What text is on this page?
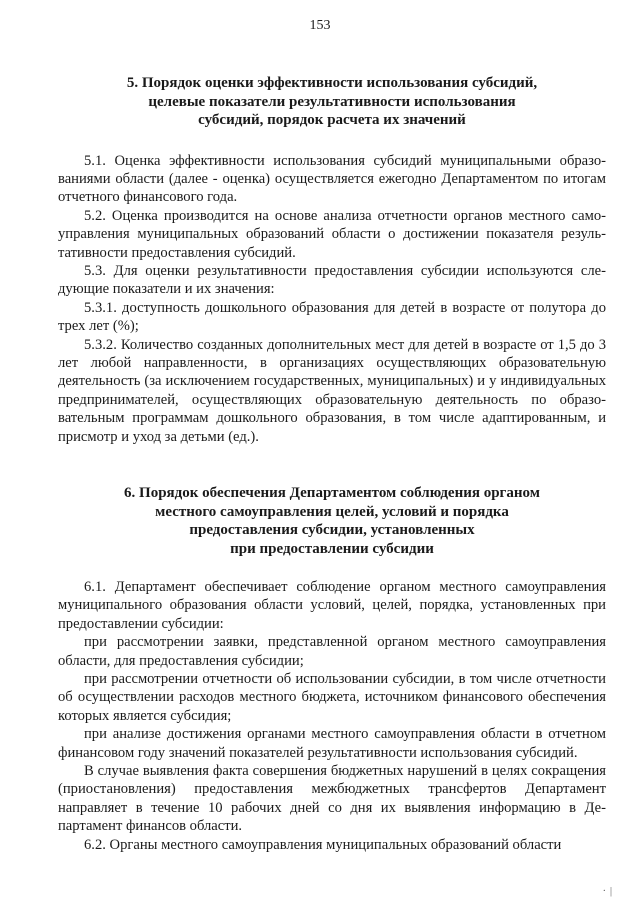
153
5. Порядок оценки эффективности использования субсидий,
целевые показатели результативности использования
субсидий, порядок расчета их значений

5.1. Оценка эффективности использования субсидий муниципальными образованиями области (далее - оценка) осуществляется ежегодно Департаментом по итогам отчетного финансового года.

5.2. Оценка производится на основе анализа отчетности органов местного самоуправления муниципальных образований области о достижении показателя результативности предоставления субсидий.

5.3. Для оценки результативности предоставления субсидии используются следующие показатели и их значения:

5.3.1. доступность дошкольного образования для детей в возрасте от полутора до трех лет (%);

5.3.2. Количество созданных дополнительных мест для детей в возрасте от 1,5 до 3 лет любой направленности, в организациях осуществляющих образовательную деятельность (за исключением государственных, муниципальных) и у индивидуальных предпринимателей, осуществляющих образовательную деятельность по образовательным программам дошкольного образования, в том числе адаптированным, и присмотр и уход за детьми (ед.).

6. Порядок обеспечения Департаментом соблюдения органом
местного самоуправления целей, условий и порядка
предоставления субсидии, установленных
при предоставлении субсидии

6.1. Департамент обеспечивает соблюдение органом местного самоуправления муниципального образования области условий, целей, порядка, установленных при предоставлении субсидии:

при рассмотрении заявки, представленной органом местного самоуправления области, для предоставления субсидии;

при рассмотрении отчетности об использовании субсидии, в том числе отчетности об осуществлении расходов местного бюджета, источником финансового обеспечения которых является субсидия;

при анализе достижения органами местного самоуправления области в отчетном финансовом году значений показателей результативности использования субсидий.

В случае выявления факта совершения бюджетных нарушений в целях сокращения (приостановления) предоставления межбюджетных трансфертов Департамент направляет в течение 10 рабочих дней со дня их выявления информацию в Департамент финансов области.

6.2. Органы местного самоуправления муниципальных образований области

·​|
